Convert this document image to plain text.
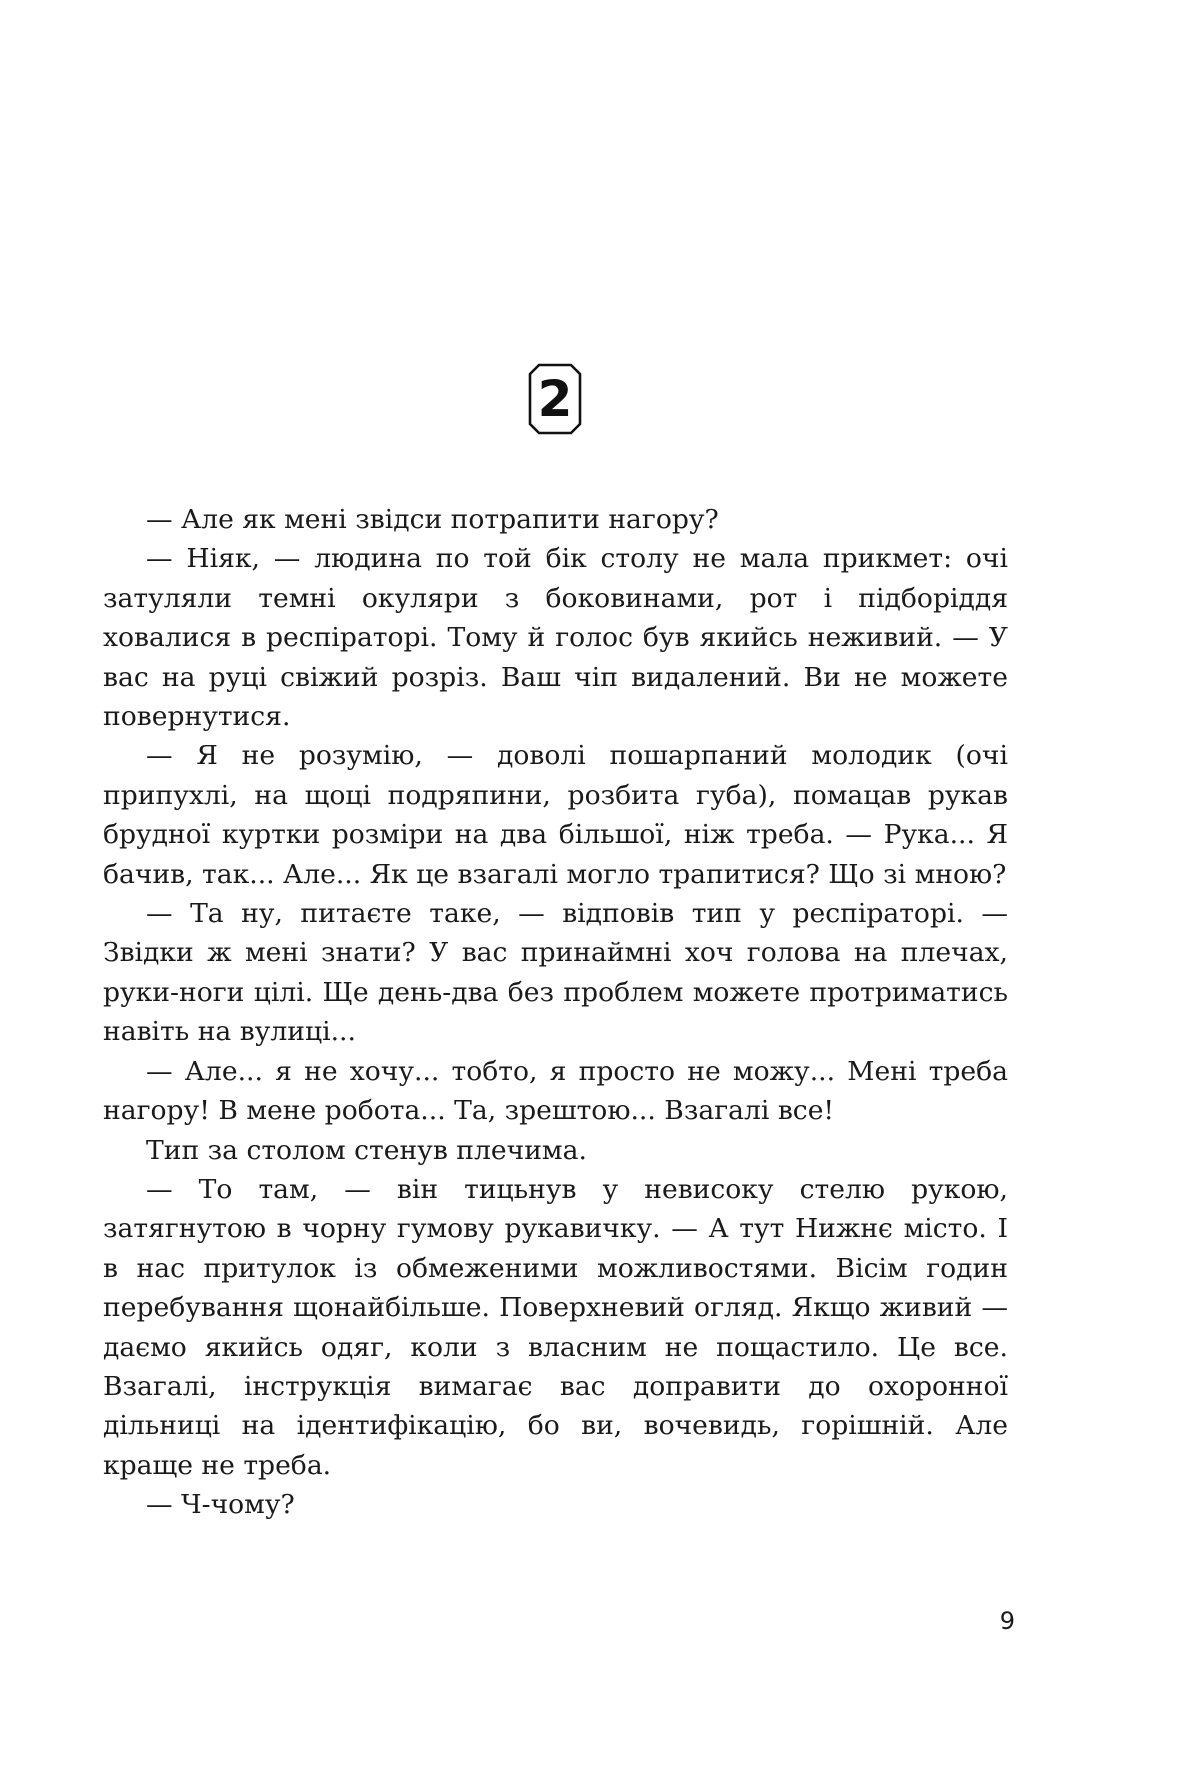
2

— Але як мені звідси потрапити нагору?

— Ніяк, — людина по той бік столу не мала прикмет: очі затуляли темні окуляри з боковинами, рот і підборіддя ховалися в респіраторі. Тому й голос був якийсь неживий. — У вас на руці свіжий розріз. Ваш чіп видалений. Ви не можете повернутися.

— Я не розумію, — доволі пошарпаний молодик (очі припухлі, на щоці подряпини, розбита губа), помацав рукав брудної куртки розміри на два більшої, ніж треба. — Рука... Я бачив, так... Але... Як це взагалі могло трапитися? Що зі мною?

— Та ну, питаєте таке, — відповів тип у респіраторі. — Звідки ж мені знати? У вас принаймні хоч голова на плечах, руки-ноги цілі. Ще день-два без проблем можете протриматись навіть на вулиці...

— Але... я не хочу... тобто, я просто не можу... Мені треба нагору! В мене робота... Та, зрештою... Взагалі все!

Тип за столом стенув плечима.

— То там, — він тицьнув у невисоку стелю рукою, затягнутою в чорну гумову рукавичку. — А тут Нижнє місто. І в нас притулок із обмеженими можливостями. Вісім годин перебування щонайбільше. Поверхневий огляд. Якщо живий — даємо якийсь одяг, коли з власним не пощастило. Це все. Взагалі, інструкція вимагає вас доправити до охоронної дільниці на ідентифікацію, бо ви, вочевидь, горішній. Але краще не треба.

— Ч-чому?

9
